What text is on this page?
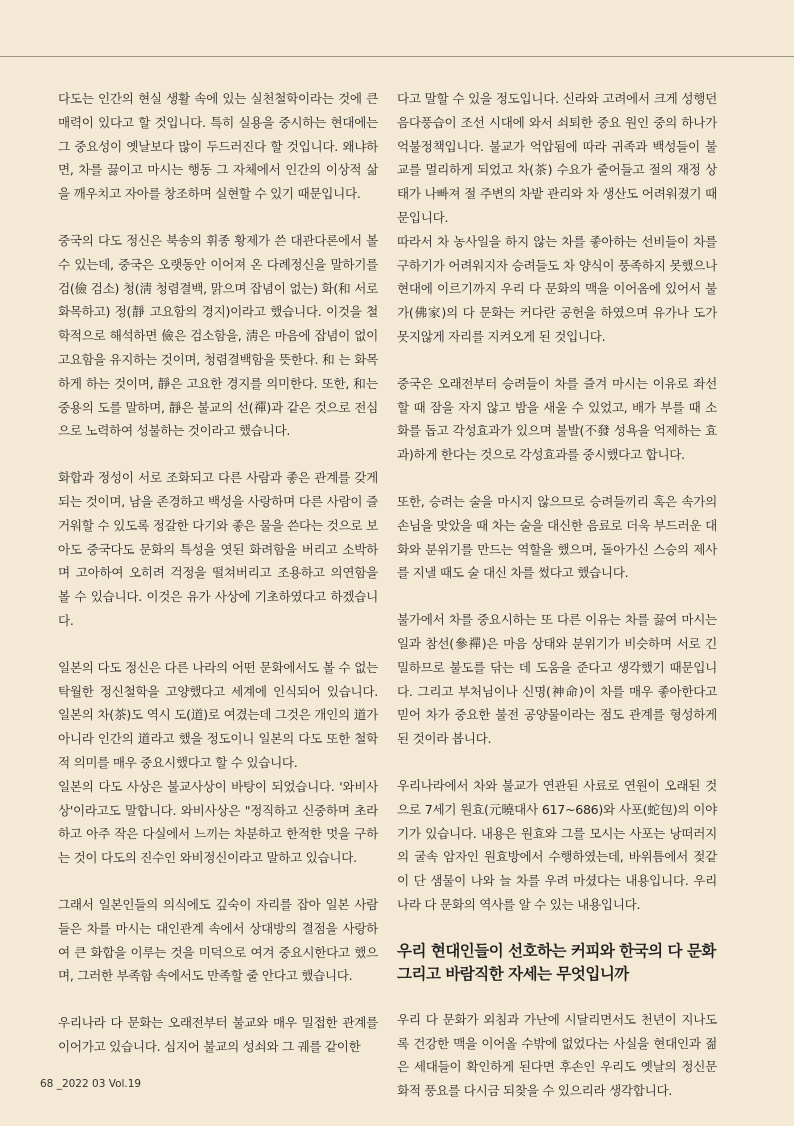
다도는 인간의 현실 생활 속에 있는 실천철학이라는 것에 큰 매력이 있다고 할 것입니다. 특히 실용을 중시하는 현대에는 그 중요성이 옛날보다 많이 두드러진다 할 것입니다. 왜냐하면, 차를 끓이고 마시는 행동 그 자체에서 인간의 이상적 삶을 깨우치고 자아를 창조하며 실현할 수 있기 때문입니다.

중국의 다도 정신은 북송의 휘종 황제가 쓴 대관다론에서 볼 수 있는데, 중국은 오랫동안 이어져 온 다례정신을 말하기를 검(儉 검소) 청(淸 청렴결백, 맑으며 잡념이 없는) 화(和 서로 화목하고) 정(靜 고요함의 경지)이라고 했습니다. 이것을 철학적으로 해석하면 儉은 검소함을, 淸은 마음에 잡념이 없이 고요함을 유지하는 것이며, 청렴결백함을 뜻한다. 和 는 화목하게 하는 것이며, 靜은 고요한 경지를 의미한다. 또한, 和는 중용의 도를 말하며, 靜은 불교의 선(禪)과 같은 것으로 전심으로 노력하여 성불하는 것이라고 했습니다.

화합과 정성이 서로 조화되고 다른 사람과 좋은 관계를 갖게 되는 것이며, 남을 존경하고 백성을 사랑하며 다른 사람이 즐거워할 수 있도록 정갈한 다기와 좋은 물을 쓴다는 것으로 보아도 중국다도 문화의 특성을 엿된 화려함을 버리고 소박하며 고아하여 오히려 걱정을 떨쳐버리고 조용하고 의연함을 볼 수 있습니다. 이것은 유가 사상에 기초하였다고 하겠습니다.

일본의 다도 정신은 다른 나라의 어떤 문화에서도 볼 수 없는 탁월한 정신철학을 고양했다고 세계에 인식되어 있습니다. 일본의 차(茶)도 역시 도(道)로 여겼는데 그것은 개인의 道가 아니라 인간의 道라고 했을 정도이니 일본의 다도 또한 철학적 의미를 매우 중요시했다고 할 수 있습니다.

일본의 다도 사상은 불교사상이 바탕이 되었습니다. '와비사상'이라고도 말합니다. 와비사상은 "정직하고 신중하며 초라하고 아주 작은 다실에서 느끼는 차분하고 한적한 멋을 구하는 것이 다도의 진수인 와비정신이라고 말하고 있습니다.

그래서 일본인들의 의식에도 깊숙이 자리를 잡아 일본 사람들은 차를 마시는 대인관계 속에서 상대방의 결점을 사랑하여 큰 화합을 이루는 것을 미덕으로 여겨 중요시한다고 했으며, 그러한 부족함 속에서도 만족할 줄 안다고 했습니다.

우리나라 다 문화는 오래전부터 불교와 매우 밀접한 관계를 이어가고 있습니다. 심지어 불교의 성쇠와 그 궤를 같이한

다고 말할 수 있을 정도입니다. 신라와 고려에서 크게 성행던 음다풍습이 조선 시대에 와서 쇠퇴한 중요 원인 중의 하나가 억불정책입니다. 불교가 억압됨에 따라 귀족과 백성들이 불교를 멀리하게 되었고 차(茶) 수요가 줄어들고 절의 재정 상태가 나빠져 절 주변의 차밭 관리와 차 생산도 어려워졌기 때문입니다.

따라서 차 농사일을 하지 않는 차를 좋아하는 선비들이 차를 구하기가 어려워지자 승려들도 차 양식이 풍족하지 못했으나 현대에 이르기까지 우리 다 문화의 맥을 이어옴에 있어서 불가(佛家)의 다 문화는 커다란 공헌을 하였으며 유가나 도가 못지않게 자리를 지켜오게 된 것입니다.

중국은 오래전부터 승려들이 차를 즐겨 마시는 이유로 좌선할 때 잠을 자지 않고 밤을 새울 수 있었고, 배가 부를 때 소화를 돕고 각성효과가 있으며 불발(不發 성욕을 억제하는 효과)하게 한다는 것으로 각성효과를 중시했다고 합니다.

또한, 승려는 술을 마시지 않으므로 승려들끼리 혹은 속가의 손님을 맞았을 때 차는 술을 대신한 음료로 더욱 부드러운 대화와 분위기를 만드는 역할을 했으며, 돌아가신 스승의 제사를 지낼 때도 술 대신 차를 썼다고 했습니다.

불가에서 차를 중요시하는 또 다른 이유는 차를 끓여 마시는 일과 참선(參禪)은 마음 상태와 분위기가 비슷하며 서로 긴밀하므로 불도를 닦는 데 도움을 준다고 생각했기 때문입니다. 그리고 부처님이나 신명(神命)이 차를 매우 좋아한다고 믿어 차가 중요한 불전 공양물이라는 점도 관계를 형성하게 된 것이라 봅니다.

우리나라에서 차와 불교가 연관된 사료로 연원이 오래된 것으로 7세기 원효(元曉대사 617~686)와 사포(蛇包)의 이야기가 있습니다. 내용은 원효와 그를 모시는 사포는 낭떠러지의 굴속 암자인 원효방에서 수행하였는데, 바위틈에서 젖같이 단 샘물이 나와 늘 차를 우려 마셨다는 내용입니다. 우리나라 다 문화의 역사를 알 수 있는 내용입니다.

우리 현대인들이 선호하는 커피와 한국의 다 문화 그리고 바람직한 자세는 무엇입니까

우리 다 문화가 외침과 가난에 시달리면서도 천년이 지나도록 건강한 맥을 이어올 수밖에 없었다는 사실을 현대인과 젊은 세대들이 확인하게 된다면 후손인 우리도 옛날의 정신문화적 풍요를 다시금 되찾을 수 있으리라 생각합니다.

68 _2022 03 Vol.19
